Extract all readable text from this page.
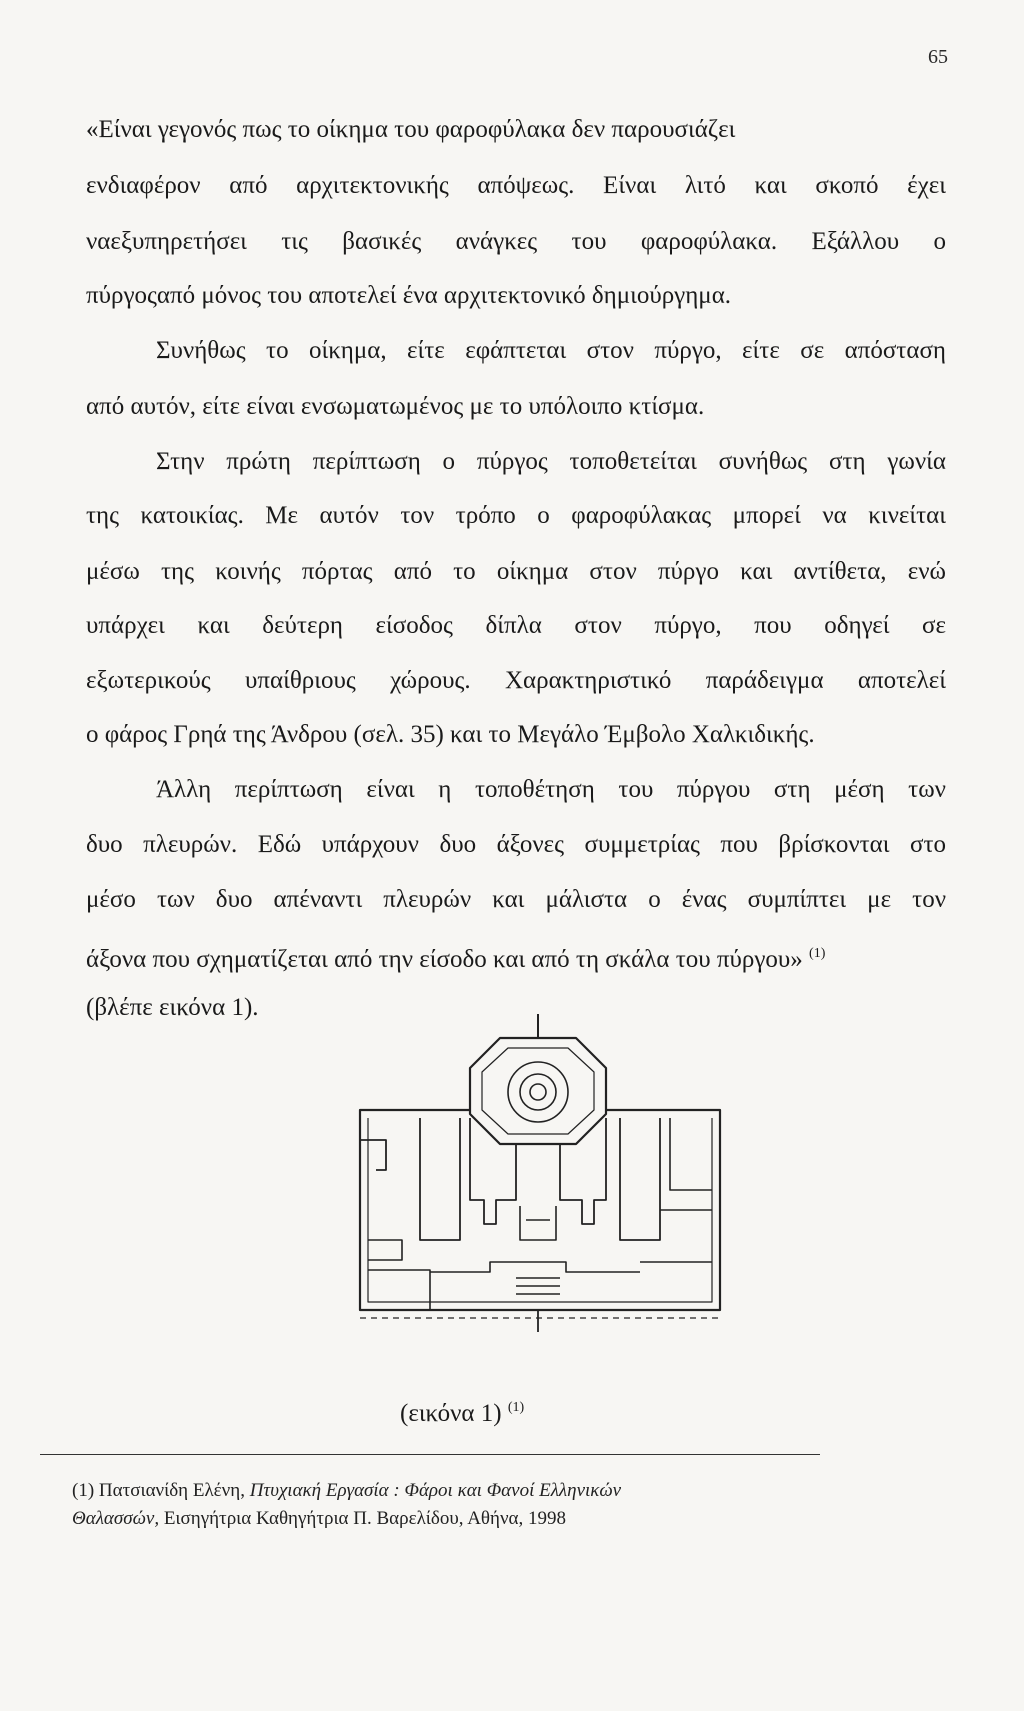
65
«Είναι γεγονός πως το οίκημα του φαροφύλακα δεν παρουσιάζει
ενδιαφέρον από αρχιτεκτονικής απόψεως. Είναι λιτό και σκοπό έχει
ναεξυπηρετήσει τις βασικές ανάγκες του φαροφύλακα. Εξάλλου ο
πύργοςαπό μόνος του αποτελεί ένα αρχιτεκτονικό δημιούργημα.
Συνήθως το οίκημα, είτε εφάπτεται στον πύργο, είτε σε απόσταση
από αυτόν, είτε είναι ενσωματωμένος με το υπόλοιπο κτίσμα.
Στην πρώτη περίπτωση ο πύργος τοποθετείται συνήθως στη γωνία
της κατοικίας. Με αυτόν τον τρόπο ο φαροφύλακας μπορεί να κινείται
μέσω της κοινής πόρτας από το οίκημα στον πύργο και αντίθετα, ενώ
υπάρχει και δεύτερη είσοδος δίπλα στον πύργο, που οδηγεί σε
εξωτερικούς υπαίθριους χώρους. Χαρακτηριστικό παράδειγμα αποτελεί
ο φάρος Γρηά της Άνδρου (σελ. 35) και το Μεγάλο Έμβολο Χαλκιδικής.
Άλλη περίπτωση είναι η τοποθέτηση του πύργου στη μέση των
δυο πλευρών. Εδώ υπάρχουν δυο άξονες συμμετρίας που βρίσκονται στο
μέσο των δυο απέναντι πλευρών και μάλιστα ο ένας συμπίπτει με τον
άξονα που σχηματίζεται από την είσοδο και από τη σκάλα του πύργου» $^{(1)}$
(βλέπε εικόνα 1).
(εικόνα 1) $^{(1)}$
(1) Πατσιανίδη Ελένη, Πτυχιακή Εργασία : Φάροι και Φανοί Ελληνικών
Θαλασσών, Εισηγήτρια Καθηγήτρια Π. Βαρελίδου, Αθήνα, 1998
